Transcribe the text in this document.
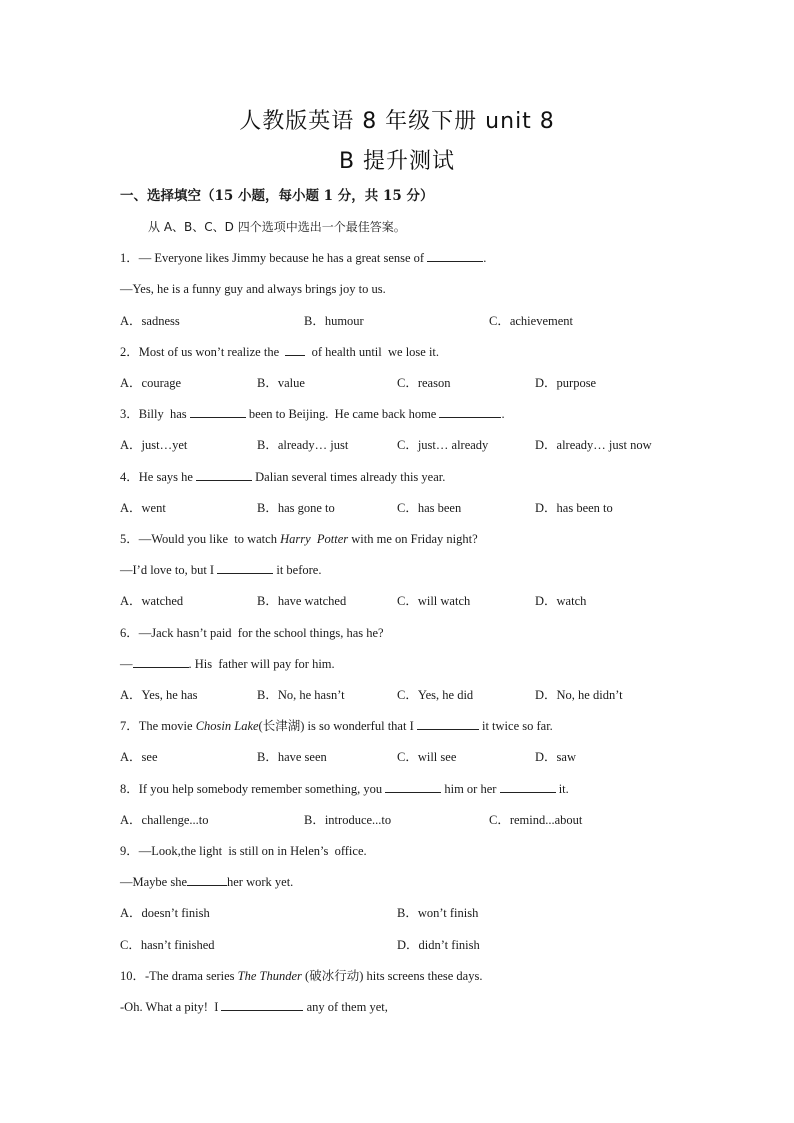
人教版英语 8 年级下册 unit 8
B 提升测试
一、选择填空（15 小题，每小题 1 分，共 15 分）
从 A、B、C、D 四个选项中选出一个最佳答案。
1．— Everyone likes Jimmy because he has a great sense of	.
—Yes, he is a funny guy and always brings joy to us.
A．sadness	B．humour	C．achievement
2．Most of us won’t realize the    of health until  we lose it.
A．courage	B．value	C．reason	D．purpose
3．Billy  has	been to Beijing.  He came back home	.
A．just…yet	B．already… just	C．just… already	D．already… just now
4．He says he	Dalian several times already this year.
A．went	B．has gone to	C．has been	D．has been to
5．—Would you like  to watch Harry  Potter with me on Friday night?
—I’d love to, but I	it before.
A．watched	B．have watched	C．will watch	D．watch
6．—Jack hasn’t paid  for the school things, has he?
—	. His  father will pay for him.
A．Yes, he has	B．No, he hasn’t	C．Yes, he did	D．No, he didn’t
7．The movie Chosin Lake(长津湖) is so wonderful that I	it twice so far.
A．see	B．have seen	C．will see	D．saw
8．If you help somebody remember something, you	him or her	it.
A．challenge...to	B．introduce...to	C．remind...about
9．—Look,the light  is still on in Helen’s  office.
—Maybe she	her work yet.
A．doesn’t finish	B．won’t finish
C．hasn’t finished	D．didn’t finish
10．-The drama series The Thunder (破冰行动) hits screens these days.
-Oh. What a pity!  I	any of them yet,
